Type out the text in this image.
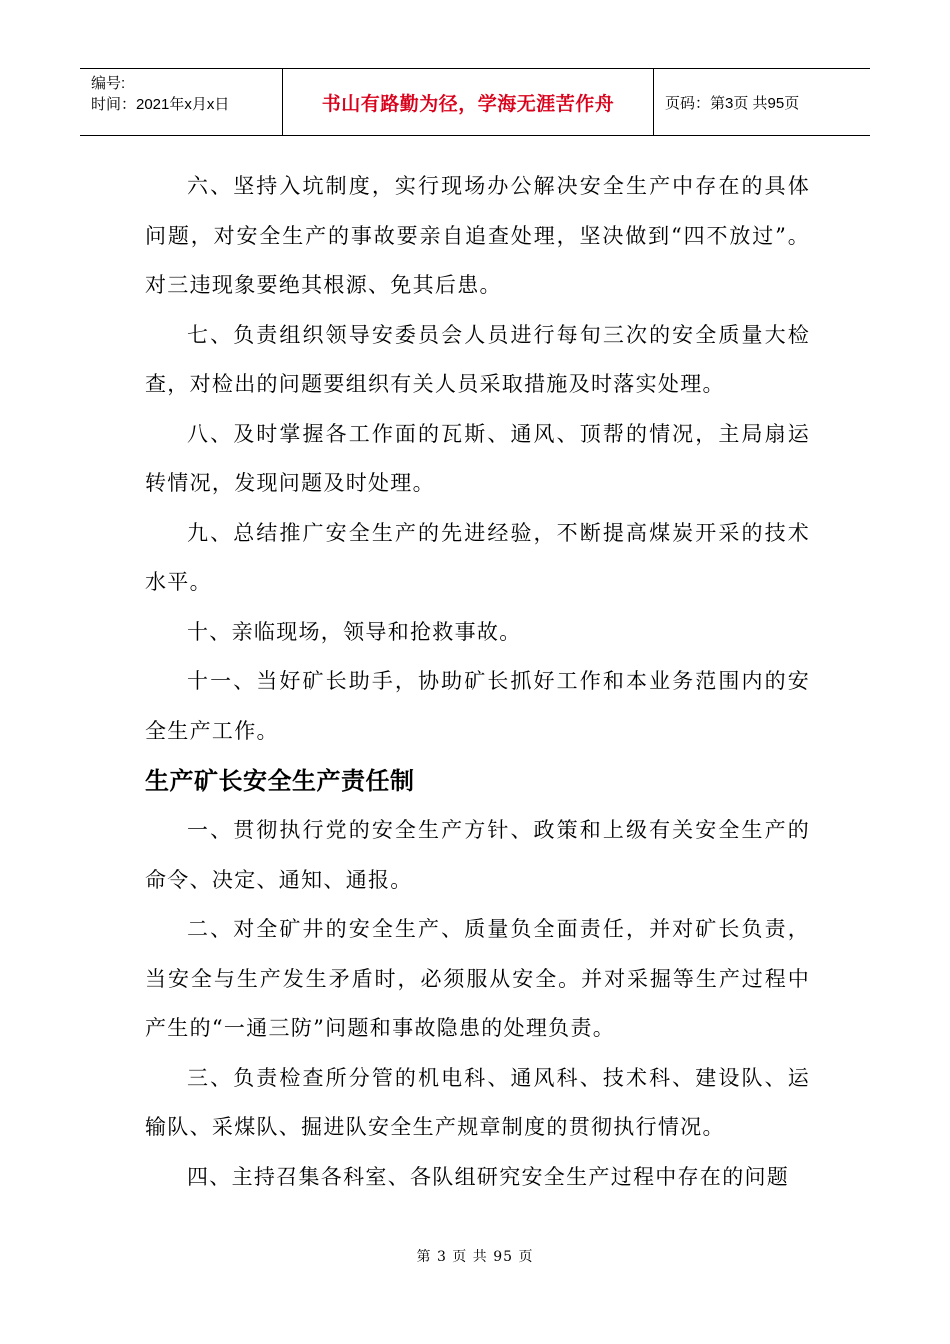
编号:
时间：2021年x月x日	书山有路勤为径，学海无涯苦作舟	页码：第3页 共95页

六、坚持入坑制度，实行现场办公解决安全生产中存在的具体问题，对安全生产的事故要亲自追查处理，坚决做到“四不放过”。对三违现象要绝其根源、免其后患。

七、负责组织领导安委员会人员进行每旬三次的安全质量大检查，对检出的问题要组织有关人员采取措施及时落实处理。

八、及时掌握各工作面的瓦斯、通风、顶帮的情况，主局扇运转情况，发现问题及时处理。

九、总结推广安全生产的先进经验，不断提高煤炭开采的技术水平。

十、亲临现场，领导和抢救事故。

十一、当好矿长助手，协助矿长抓好工作和本业务范围内的安全生产工作。

生产矿长安全生产责任制

一、贯彻执行党的安全生产方针、政策和上级有关安全生产的命令、决定、通知、通报。

二、对全矿井的安全生产、质量负全面责任，并对矿长负责，当安全与生产发生矛盾时，必须服从安全。并对采掘等生产过程中产生的“一通三防”问题和事故隐患的处理负责。

三、负责检查所分管的机电科、通风科、技术科、建设队、运输队、采煤队、掘进队安全生产规章制度的贯彻执行情况。

四、主持召集各科室、各队组研究安全生产过程中存在的问题

第 3 页 共 95 页
